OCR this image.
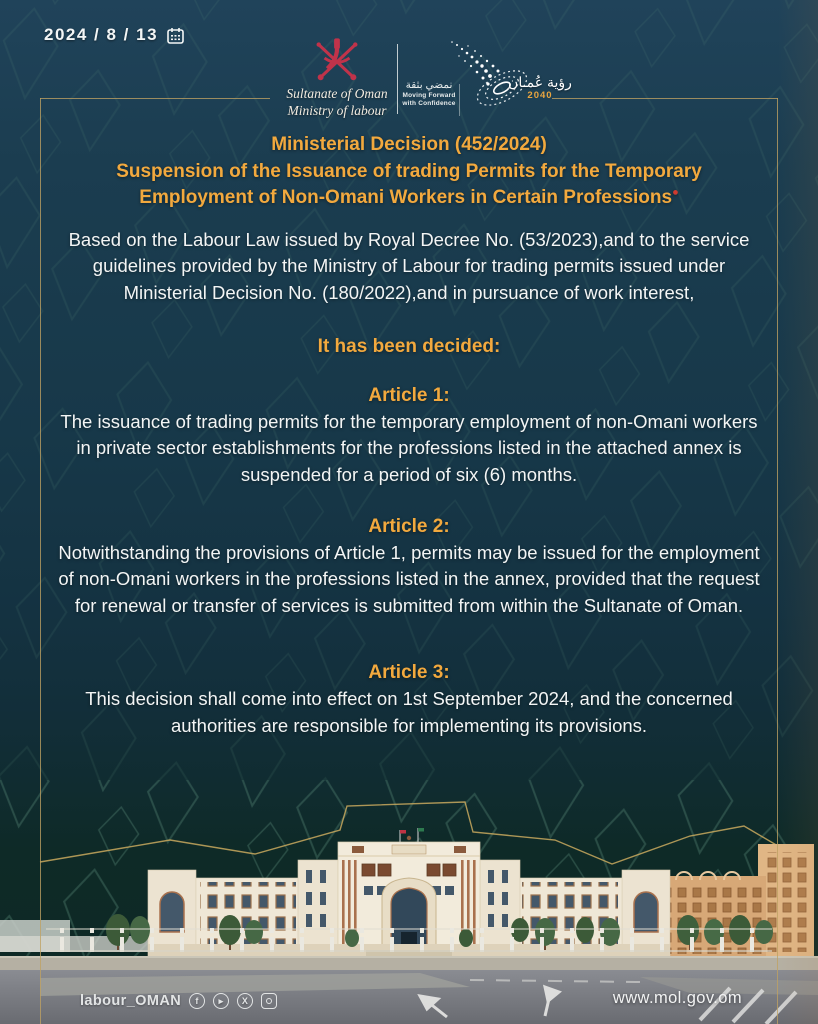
2024 / 8 / 13
Sultanate of Oman
Ministry of labour
نمضي بثقة
Moving Forward
with Confidence
رؤية عُمـان
2040
Ministerial Decision (452/2024)
Suspension of the Issuance of trading Permits for the Temporary Employment of Non-Omani Workers in Certain Professions●
Based on the Labour Law issued by Royal Decree No. (53/2023),and to the service guidelines provided by the Ministry of Labour for trading permits issued under Ministerial Decision No. (180/2022),and in pursuance of work interest,
It has been decided:
Article 1:
The issuance of trading permits for the temporary employment of non-Omani workers in private sector establishments for the professions listed in the attached annex is suspended for a period of six (6) months.
Article 2:
Notwithstanding the provisions of Article 1, permits may be issued for the employment of non-Omani workers in the professions listed in the annex, provided that the request for renewal or transfer of services is submitted from within the Sultanate of Oman.
Article 3:
This decision shall come into effect on 1st September 2024, and the concerned authorities are responsible for implementing its provisions.
labour_OMAN	f	▸	X	www.mol.gov.om
